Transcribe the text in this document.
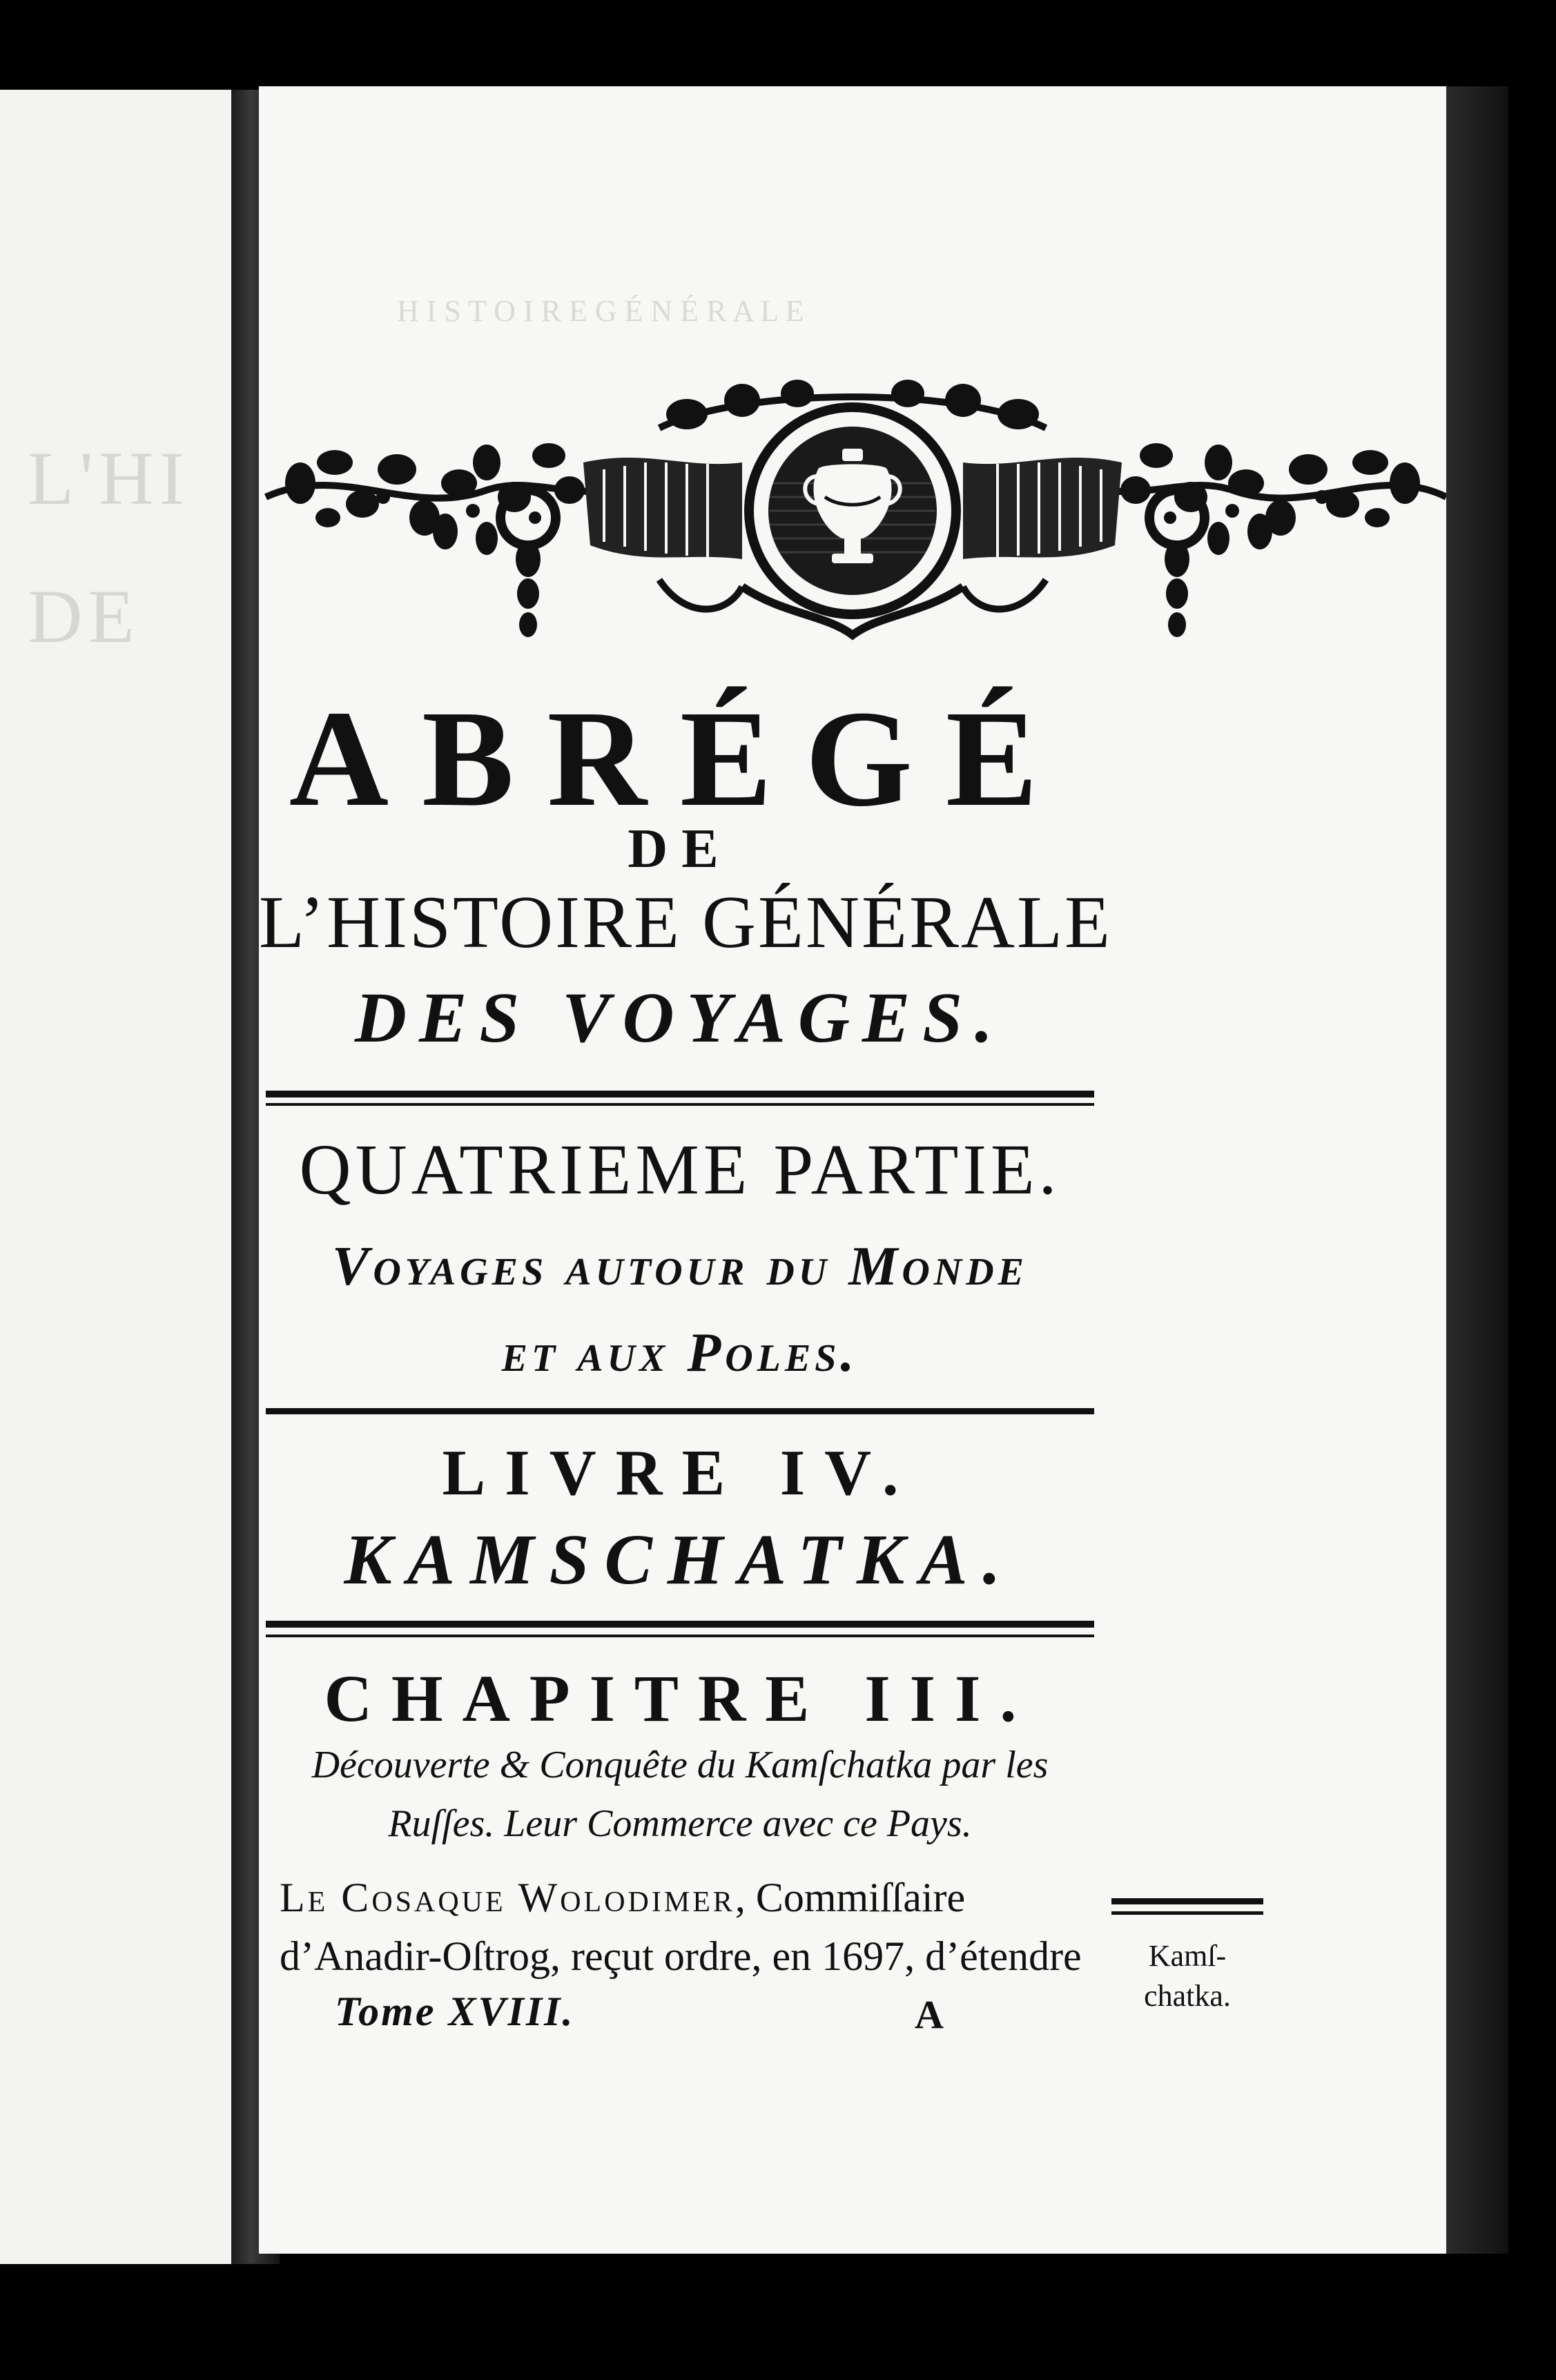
L'HI
DE
H I S T O I R E G É N É R A L E
ABRÉGÉ
DE
L’HISTOIRE GÉNÉRALE
DES VOYAGES.
QUATRIEME PARTIE.
Voyages autour du Monde
et aux Poles.
LIVRE IV.
KAMSCHATKA.
CHAPITRE III.
Découverte & Conquête du Kamſchatka par les
Ruſſes. Leur Commerce avec ce Pays.
Le Cosaque Wolodimer, Commiſſaire
d’Anadir-Oſtrog, reçut ordre, en 1697, d’étendre	Kamſ-
chatka.
Tome XVIII.	A
